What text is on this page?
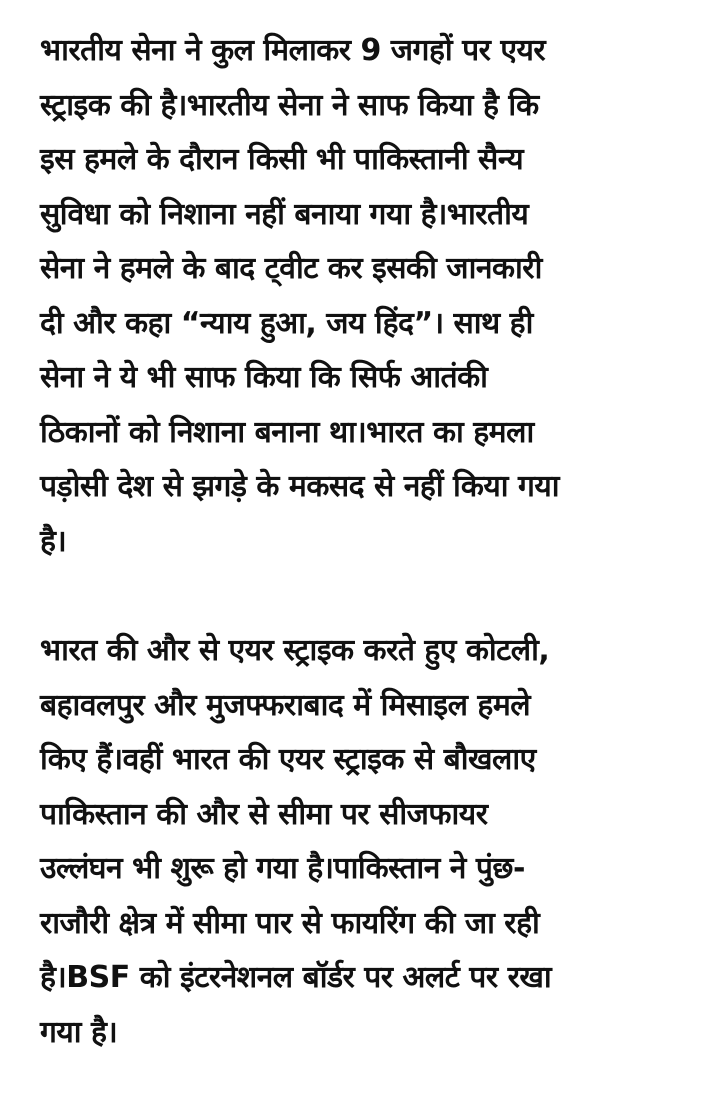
भारतीय सेना ने कुल मिलाकर 9 जगहों पर एयर
स्ट्राइक की है।भारतीय सेना ने साफ किया है कि
इस हमले के दौरान किसी भी पाकिस्तानी सैन्य
सुविधा को निशाना नहीं बनाया गया है।भारतीय
सेना ने हमले के बाद ट्वीट कर इसकी जानकारी
दी और कहा “न्याय हुआ, जय हिंद”। साथ ही
सेना ने ये भी साफ किया कि सिर्फ आतंकी
ठिकानों को निशाना बनाना था।भारत का हमला
पड़ोसी देश से झगड़े के मकसद से नहीं किया गया
है।
भारत की और से एयर स्ट्राइक करते हुए कोटली,
बहावलपुर और मुजफ्फराबाद में मिसाइल हमले
किए हैं।वहीं भारत की एयर स्ट्राइक से बौखलाए
पाकिस्तान की और से सीमा पर सीजफायर
उल्लंघन भी शुरू हो गया है।पाकिस्तान ने पुंछ-
राजौरी क्षेत्र में सीमा पार से फायरिंग की जा रही
है।BSF को इंटरनेशनल बॉर्डर पर अलर्ट पर रखा
गया है।
